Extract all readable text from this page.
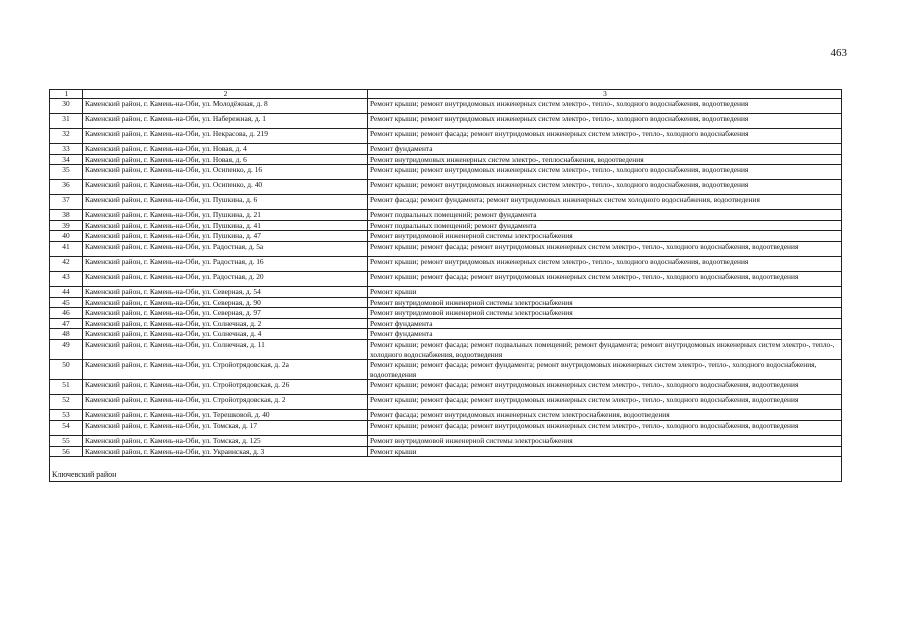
463
1	2	3
30	Каменский район, г. Камень-на-Оби, ул. Молодёжная, д. 8	Ремонт крыши; ремонт внутридомовых инженерных систем электро-, тепло-, холодного водоснабжения, водоотведения
31	Каменский район, г. Камень-на-Оби, ул. Набережная, д. 1	Ремонт крыши; ремонт внутридомовых инженерных систем электро-, тепло-, холодного водоснабжения, водоотведения
32	Каменский район, г. Камень-на-Оби, ул. Некрасова, д. 219	Ремонт крыши; ремонт фасада; ремонт внутридомовых инженерных систем электро-, тепло-, холодного водоснабжения
33	Каменский район, г. Камень-на-Оби, ул. Новая, д. 4	Ремонт фундамента
34	Каменский район, г. Камень-на-Оби, ул. Новая, д. 6	Ремонт внутридомовых инженерных систем электро-, теплоснабжения, водоотведения
35	Каменский район, г. Камень-на-Оби, ул. Осипенко, д. 16	Ремонт крыши; ремонт внутридомовых инженерных систем электро-, тепло-, холодного водоснабжения, водоотведения
36	Каменский район, г. Камень-на-Оби, ул. Осипенко, д. 40	Ремонт крыши; ремонт внутридомовых инженерных систем электро-, тепло-, холодного водоснабжения, водоотведения
37	Каменский район, г. Камень-на-Оби, ул. Пушкина, д. 6	Ремонт фасада; ремонт фундамента; ремонт внутридомовых инженерных систем холодного водоснабжения, водоотведения
38	Каменский район, г. Камень-на-Оби, ул. Пушкина, д. 21	Ремонт подвальных помещений; ремонт фундамента
39	Каменский район, г. Камень-на-Оби, ул. Пушкина, д. 41	Ремонт подвальных помещений; ремонт фундамента
40	Каменский район, г. Камень-на-Оби, ул. Пушкина, д. 47	Ремонт внутридомовой инженерной системы электроснабжения
41	Каменский район, г. Камень-на-Оби, ул. Радостная, д. 5а	Ремонт крыши; ремонт фасада; ремонт внутридомовых инженерных систем электро-, тепло-, холодного водоснабжения, водоотведения
42	Каменский район, г. Камень-на-Оби, ул. Радостная, д. 16	Ремонт крыши; ремонт внутридомовых инженерных систем электро-, тепло-, холодного водоснабжения, водоотведения
43	Каменский район, г. Камень-на-Оби, ул. Радостная, д. 20	Ремонт крыши; ремонт фасада; ремонт внутридомовых инженерных систем электро-, тепло-, холодного водоснабжения, водоотведения
44	Каменский район, г. Камень-на-Оби, ул. Северная, д. 54	Ремонт крыши
45	Каменский район, г. Камень-на-Оби, ул. Северная, д. 90	Ремонт внутридомовой инженерной системы электроснабжения
46	Каменский район, г. Камень-на-Оби, ул. Северная, д. 97	Ремонт внутридомовой инженерной системы электроснабжения
47	Каменский район, г. Камень-на-Оби, ул. Солнечная, д. 2	Ремонт фундамента
48	Каменский район, г. Камень-на-Оби, ул. Солнечная, д. 4	Ремонт фундамента
49	Каменский район, г. Камень-на-Оби, ул. Солнечная, д. 11	Ремонт крыши; ремонт фасада; ремонт подвальных помещений; ремонт фундамента; ремонт внутридомовых инженерных систем электро-, тепло-, холодного водоснабжения, водоотведения
50	Каменский район, г. Камень-на-Оби, ул. Стройотрядовская, д. 2а	Ремонт крыши; ремонт фасада; ремонт фундамента; ремонт внутридомовых инженерных систем электро-, тепло-, холодного водоснабжения, водоотведения
51	Каменский район, г. Камень-на-Оби, ул. Стройотрядовская, д. 26	Ремонт крыши; ремонт фасада; ремонт внутридомовых инженерных систем электро-, тепло-, холодного водоснабжения, водоотведения
52	Каменский район, г. Камень-на-Оби, ул. Стройотрядовская, д. 2	Ремонт крыши; ремонт фасада; ремонт внутридомовых инженерных систем электро-, тепло-, холодного водоснабжения, водоотведения
53	Каменский район, г. Камень-на-Оби, ул. Терешковой, д. 40	Ремонт фасада; ремонт внутридомовых инженерных систем электроснабжения, водоотведения
54	Каменский район, г. Камень-на-Оби, ул. Томская, д. 17	Ремонт крыши; ремонт фасада; ремонт внутридомовых инженерных систем электро-, тепло-, холодного водоснабжения, водоотведения
55	Каменский район, г. Камень-на-Оби, ул. Томская, д. 125	Ремонт внутридомовой инженерной системы электроснабжения
56	Каменский район, г. Камень-на-Оби, ул. Украинская, д. 3	Ремонт крыши
Ключевский район		
